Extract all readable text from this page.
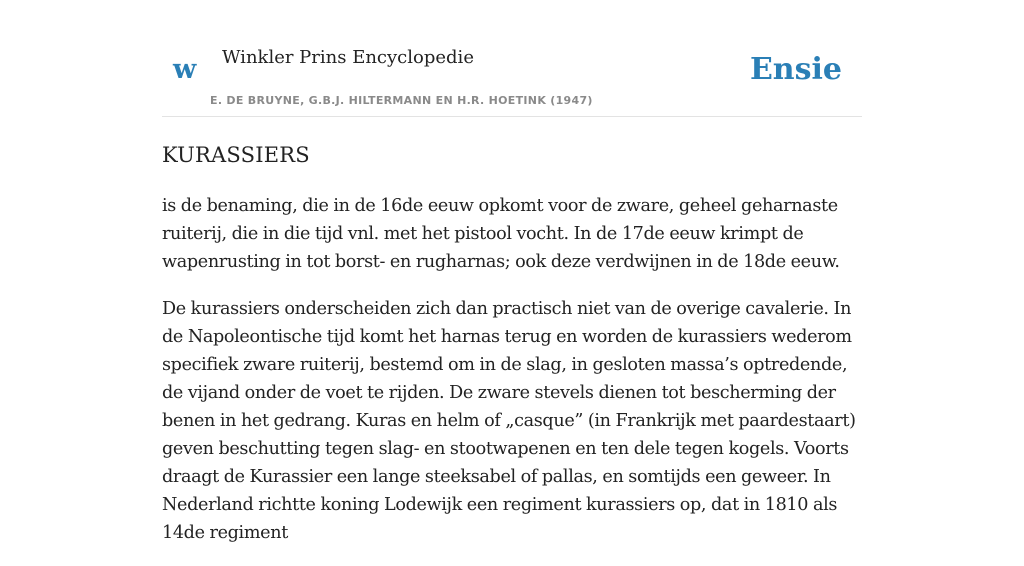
w Winkler Prins Encyclopedie
E. DE BRUYNE, G.B.J. HILTERMANN EN H.R. HOETINK (1947)
Ensie
KURASSIERS

is de benaming, die in de 16de eeuw opkomt voor de zware, geheel geharnaste ruiterij, die in die tijd vnl. met het pistool vocht. In de 17de eeuw krimpt de wapenrusting in tot borst- en rugharnas; ook deze verdwijnen in de 18de eeuw.

De kurassiers onderscheiden zich dan practisch niet van de overige cavalerie. In de Napoleontische tijd komt het harnas terug en worden de kurassiers wederom specifiek zware ruiterij, bestemd om in de slag, in gesloten massa’s optredende, de vijand onder de voet te rijden. De zware stevels dienen tot bescherming der benen in het gedrang. Kuras en helm of „casque” (in Frankrijk met paardestaart) geven beschutting tegen slag- en stootwapenen en ten dele tegen kogels. Voorts draagt de Kurassier een lange steeksabel of pallas, en somtijds een geweer. In Nederland richtte koning Lodewijk een regiment kurassiers op, dat in 1810 als 14de regiment
